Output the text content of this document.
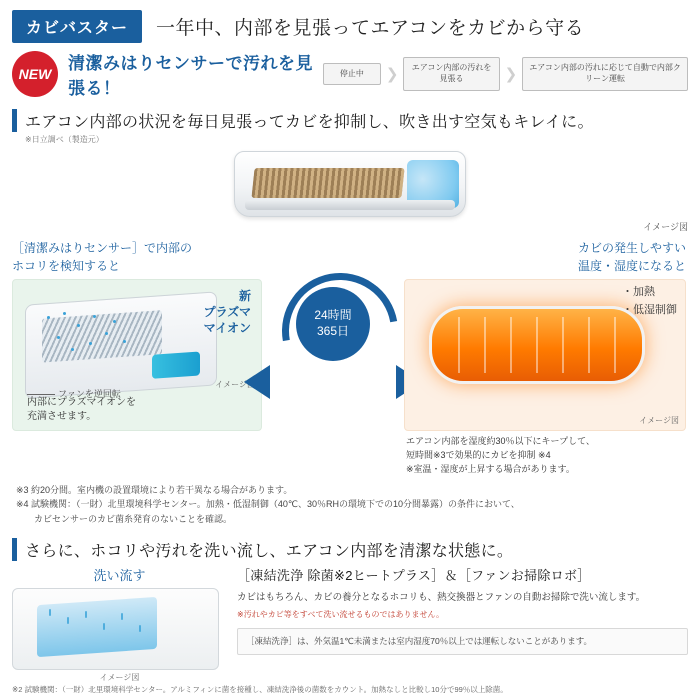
カビバスター	一年中、内部を見張ってエアコンをカビから守る
NEW
清潔みはりセンサーで汚れを見張る！
停止中	❯	エアコン内部の汚れを見張る	❯	エアコン内部の汚れに応じて自動で内部クリーン運転
エアコン内部の状況を毎日見張ってカビを抑制し、吹き出す空気もキレイに。
※日立調べ（製造元）
イメージ図
［清潔みはりセンサー］で内部の
ホコリを検知すると
新
プラズマ
マイオン
ファンを逆回転
内部にプラズマイオンを
充満させます。
イメージ図
24時間
365日
カビの発生しやすい
温度・湿度になると
・加熱
・低湿制御
イメージ図
エアコン内部を湿度約30％以下にキープして、
短時間※3で効果的にカビを抑制 ※4
※室温・湿度が上昇する場合があります。
※3 約20分間。室内機の設置環境により若干異なる場合があります。
※4 試験機関：（一財）北里環境科学センター。加熱・低湿制御（40℃、30％RHの環境下での10分間暴露）の条件において、
　　カビセンサーのカビ菌糸発育のないことを確認。
さらに、ホコリや汚れを洗い流し、エアコン内部を清潔な状態に。
洗い流す
イメージ図
［凍結洗浄 除菌※2ヒートプラス］＆［ファンお掃除ロボ］
カビはもちろん、カビの養分となるホコリも、熱交換器とファンの自動お掃除で洗い流します。
※汚れやカビ等をすべて洗い流せるものではありません。
［凍結洗浄］は、外気温1℃未満または室内湿度70％以上では運転しないことがあります。
※2 試験機関：（一財）北里環境科学センター。アルミフィンに菌を接種し、凍結洗浄後の菌数をカウント。加熱なしと比較し10分で99％以上除菌。
